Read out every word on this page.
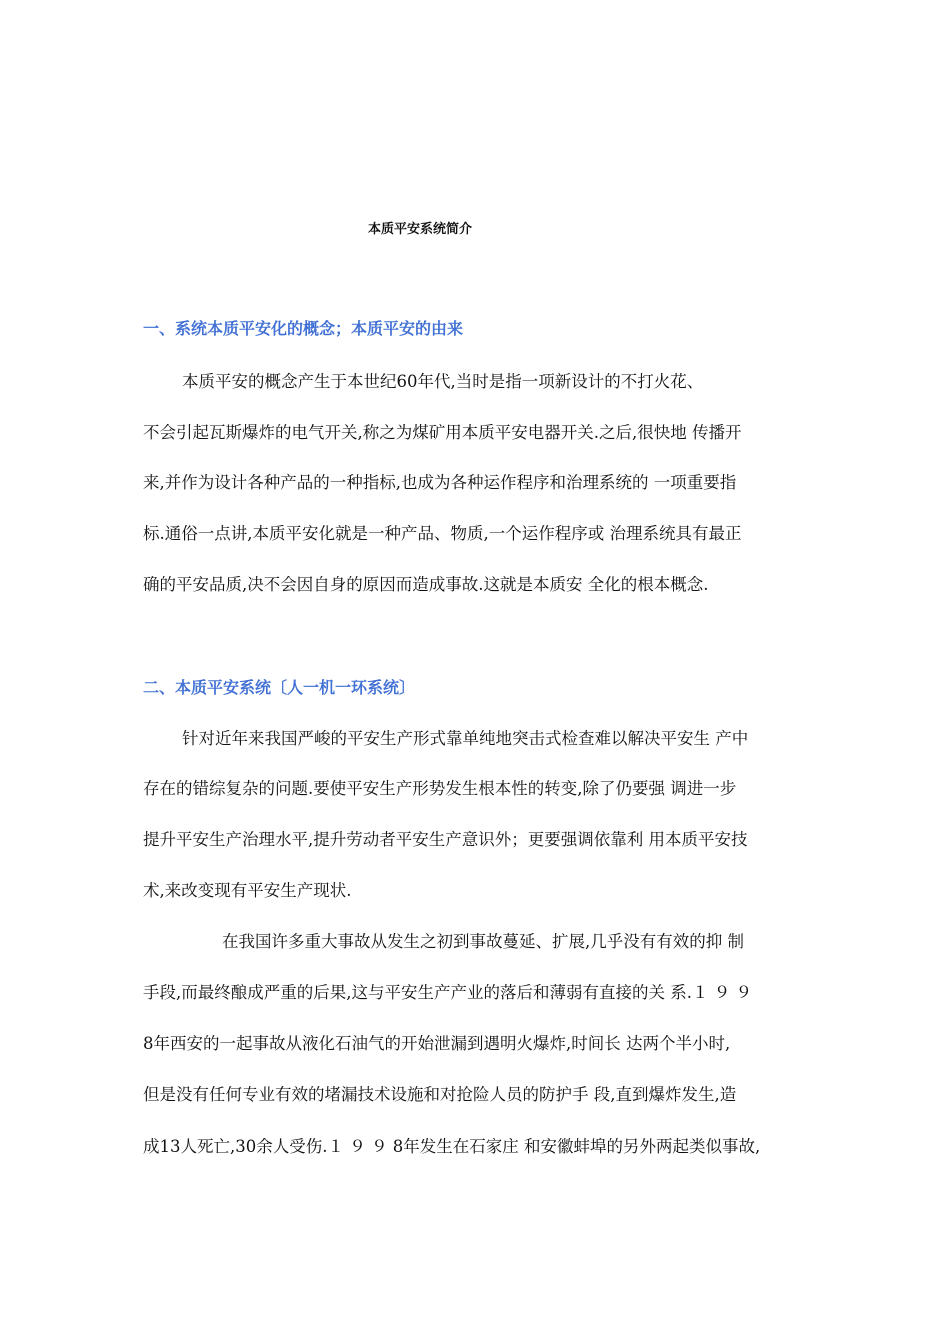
本质平安系统简介
一、系统本质平安化的概念；本质平安的由来
本质平安的概念产生于本世纪60年代,当时是指一项新设计的不打火花、
不会引起瓦斯爆炸的电气开关,称之为煤矿用本质平安电器开关.之后,很快地 传播开
来,并作为设计各种产品的一种指标,也成为各种运作程序和治理系统的 一项重要指
标.通俗一点讲,本质平安化就是一种产品、物质,一个运作程序或 治理系统具有最正
确的平安品质,决不会因自身的原因而造成事故.这就是本质安 全化的根本概念.
二、本质平安系统〔人一机一环系统〕
针对近年来我国严峻的平安生产形式靠单纯地突击式检查难以解决平安生 产中
存在的错综复杂的问题.要使平安生产形势发生根本性的转变,除了仍要强 调进一步
提升平安生产治理水平,提升劳动者平安生产意识外；更要强调依靠利 用本质平安技
术,来改变现有平安生产现状.
在我国许多重大事故从发生之初到事故蔓延、扩展,几乎没有有效的抑 制
手段,而最终酿成严重的后果,这与平安生产产业的落后和薄弱有直接的关 系.１ ９ ９
8年西安的一起事故从液化石油气的开始泄漏到遇明火爆炸,时间长 达两个半小时,
但是没有任何专业有效的堵漏技术设施和对抢险人员的防护手 段,直到爆炸发生,造
成13人死亡,30余人受伤.１ ９ ９ 8年发生在石家庄 和安徽蚌埠的另外两起类似事故,
